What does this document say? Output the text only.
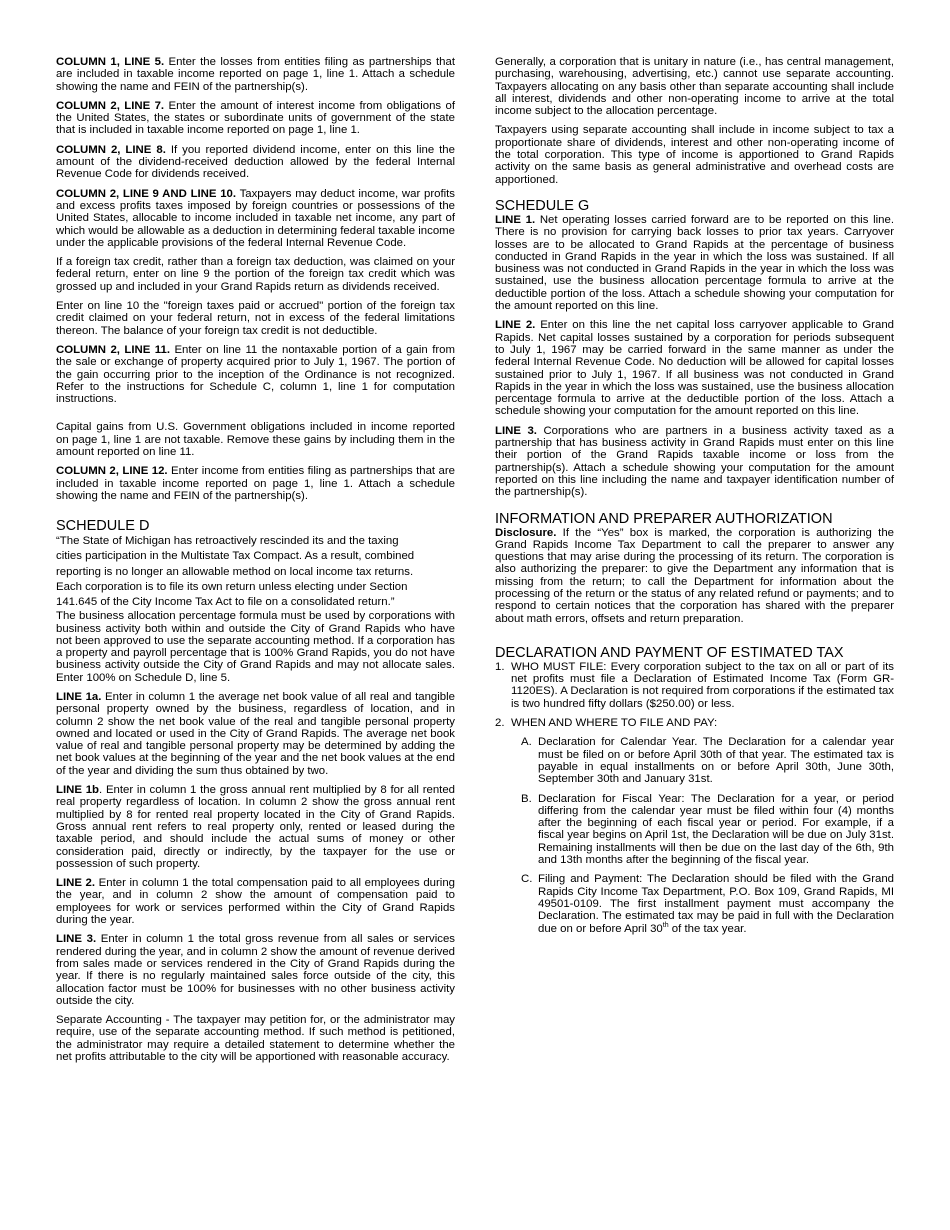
COLUMN 1, LINE 5. Enter the losses from entities filing as partnerships that are included in taxable income reported on page 1, line 1. Attach a schedule showing the name and FEIN of the partnership(s).

COLUMN 2, LINE 7. Enter the amount of interest income from obligations of the United States, the states or subordinate units of government of the state that is included in taxable income reported on page 1, line 1.

COLUMN 2, LINE 8. If you reported dividend income, enter on this line the amount of the dividend-received deduction allowed by the federal Internal Revenue Code for dividends received.

COLUMN 2, LINE 9 AND LINE 10. Taxpayers may deduct income, war profits and excess profits taxes imposed by foreign countries or possessions of the United States, allocable to income included in taxable net income, any part of which would be allowable as a deduction in determining federal taxable income under the applicable provisions of the federal Internal Revenue Code.

If a foreign tax credit, rather than a foreign tax deduction, was claimed on your federal return, enter on line 9 the portion of the foreign tax credit which was grossed up and included in your Grand Rapids return as dividends received.

Enter on line 10 the "foreign taxes paid or accrued" portion of the foreign tax credit claimed on your federal return, not in excess of the federal limitations thereon. The balance of your foreign tax credit is not deductible.

COLUMN 2, LINE 11. Enter on line 11 the nontaxable portion of a gain from the sale or exchange of property acquired prior to July 1, 1967. The portion of the gain occurring prior to the inception of the Ordinance is not recognized. Refer to the instructions for Schedule C, column 1, line 1 for computation instructions.

Capital gains from U.S. Government obligations included in income reported on page 1, line 1 are not taxable. Remove these gains by including them in the amount reported on line 11.

COLUMN 2, LINE 12. Enter income from entities filing as partnerships that are included in taxable income reported on page 1, line 1. Attach a schedule showing the name and FEIN of the partnership(s).

SCHEDULE D

“The State of Michigan has retroactively rescinded its and the taxing

cities participation in the Multistate Tax Compact. As a result, combined

reporting is no longer an allowable method on local income tax returns.

Each corporation is to file its own return unless electing under Section

141.645 of the City Income Tax Act to file on a consolidated return.”

The business allocation percentage formula must be used by corporations with business activity both within and outside the City of Grand Rapids who have not been approved to use the separate accounting method. If a corporation has a property and payroll percentage that is 100% Grand Rapids, you do not have business activity outside the City of Grand Rapids and may not allocate sales. Enter 100% on Schedule D, line 5.

LINE 1a. Enter in column 1 the average net book value of all real and tangible personal property owned by the business, regardless of location, and in column 2 show the net book value of the real and tangible personal property owned and located or used in the City of Grand Rapids. The average net book value of real and tangible personal property may be determined by adding the net book values at the beginning of the year and the net book values at the end of the year and dividing the sum thus obtained by two.

LINE 1b. Enter in column 1 the gross annual rent multiplied by 8 for all rented real property regardless of location. In column 2 show the gross annual rent multiplied by 8 for rented real property located in the City of Grand Rapids. Gross annual rent refers to real property only, rented or leased during the taxable period, and should include the actual sums of money or other consideration paid, directly or indirectly, by the taxpayer for the use or possession of such property.

LINE 2. Enter in column 1 the total compensation paid to all employees during the year, and in column 2 show the amount of compensation paid to employees for work or services performed within the City of Grand Rapids during the year.

LINE 3. Enter in column 1 the total gross revenue from all sales or services rendered during the year, and in column 2 show the amount of revenue derived from sales made or services rendered in the City of Grand Rapids during the year. If there is no regularly maintained sales force outside of the city, this allocation factor must be 100% for businesses with no other business activity outside the city.

Separate Accounting - The taxpayer may petition for, or the administrator may require, use of the separate accounting method. If such method is petitioned, the administrator may require a detailed statement to determine whether the net profits attributable to the city will be apportioned with reasonable accuracy.

Generally, a corporation that is unitary in nature (i.e., has central management, purchasing, warehousing, advertising, etc.) cannot use separate accounting. Taxpayers allocating on any basis other than separate accounting shall include all interest, dividends and other non-operating income to arrive at the total income subject to the allocation percentage.

Taxpayers using separate accounting shall include in income subject to tax a proportionate share of dividends, interest and other non-operating income of the total corporation. This type of income is apportioned to Grand Rapids activity on the same basis as general administrative and overhead costs are apportioned.

SCHEDULE G

LINE 1. Net operating losses carried forward are to be reported on this line. There is no provision for carrying back losses to prior tax years. Carryover losses are to be allocated to Grand Rapids at the percentage of business conducted in Grand Rapids in the year in which the loss was sustained. If all business was not conducted in Grand Rapids in the year in which the loss was sustained, use the business allocation percentage formula to arrive at the deductible portion of the loss. Attach a schedule showing your computation for the amount reported on this line.

LINE 2. Enter on this line the net capital loss carryover applicable to Grand Rapids. Net capital losses sustained by a corporation for periods subsequent to July 1, 1967 may be carried forward in the same manner as under the federal Internal Revenue Code. No deduction will be allowed for capital losses sustained prior to July 1, 1967. If all business was not conducted in Grand Rapids in the year in which the loss was sustained, use the business allocation percentage formula to arrive at the deductible portion of the loss. Attach a schedule showing your computation for the amount reported on this line.

LINE 3. Corporations who are partners in a business activity taxed as a partnership that has business activity in Grand Rapids must enter on this line their portion of the Grand Rapids taxable income or loss from the partnership(s). Attach a schedule showing your computation for the amount reported on this line including the name and taxpayer identification number of the partnership(s).

INFORMATION AND PREPARER AUTHORIZATION

Disclosure. If the “Yes” box is marked, the corporation is authorizing the Grand Rapids Income Tax Department to call the preparer to answer any questions that may arise during the processing of its return. The corporation is also authorizing the preparer: to give the Department any information that is missing from the return; to call the Department for information about the processing of the return or the status of any related refund or payments; and to respond to certain notices that the corporation has shared with the preparer about math errors, offsets and return preparation.

DECLARATION AND PAYMENT OF ESTIMATED TAX
1. WHO MUST FILE: Every corporation subject to the tax on all or part of its net profits must file a Declaration of Estimated Income Tax (Form GR-1120ES). A Declaration is not required from corporations if the estimated tax is two hundred fifty dollars ($250.00) or less.
2. WHEN AND WHERE TO FILE AND PAY:
A. Declaration for Calendar Year. The Declaration for a calendar year must be filed on or before April 30th of that year. The estimated tax is payable in equal installments on or before April 30th, June 30th, September 30th and January 31st.
B. Declaration for Fiscal Year: The Declaration for a year, or period differing from the calendar year must be filed within four (4) months after the beginning of each fiscal year or period. For example, if a fiscal year begins on April 1st, the Declaration will be due on July 31st. Remaining installments will then be due on the last day of the 6th, 9th and 13th months after the beginning of the fiscal year.
C. Filing and Payment: The Declaration should be filed with the Grand Rapids City Income Tax Department, P.O. Box 109, Grand Rapids, MI 49501-0109. The first installment payment must accompany the Declaration. The estimated tax may be paid in full with the Declaration due on or before April 30th of the tax year.
